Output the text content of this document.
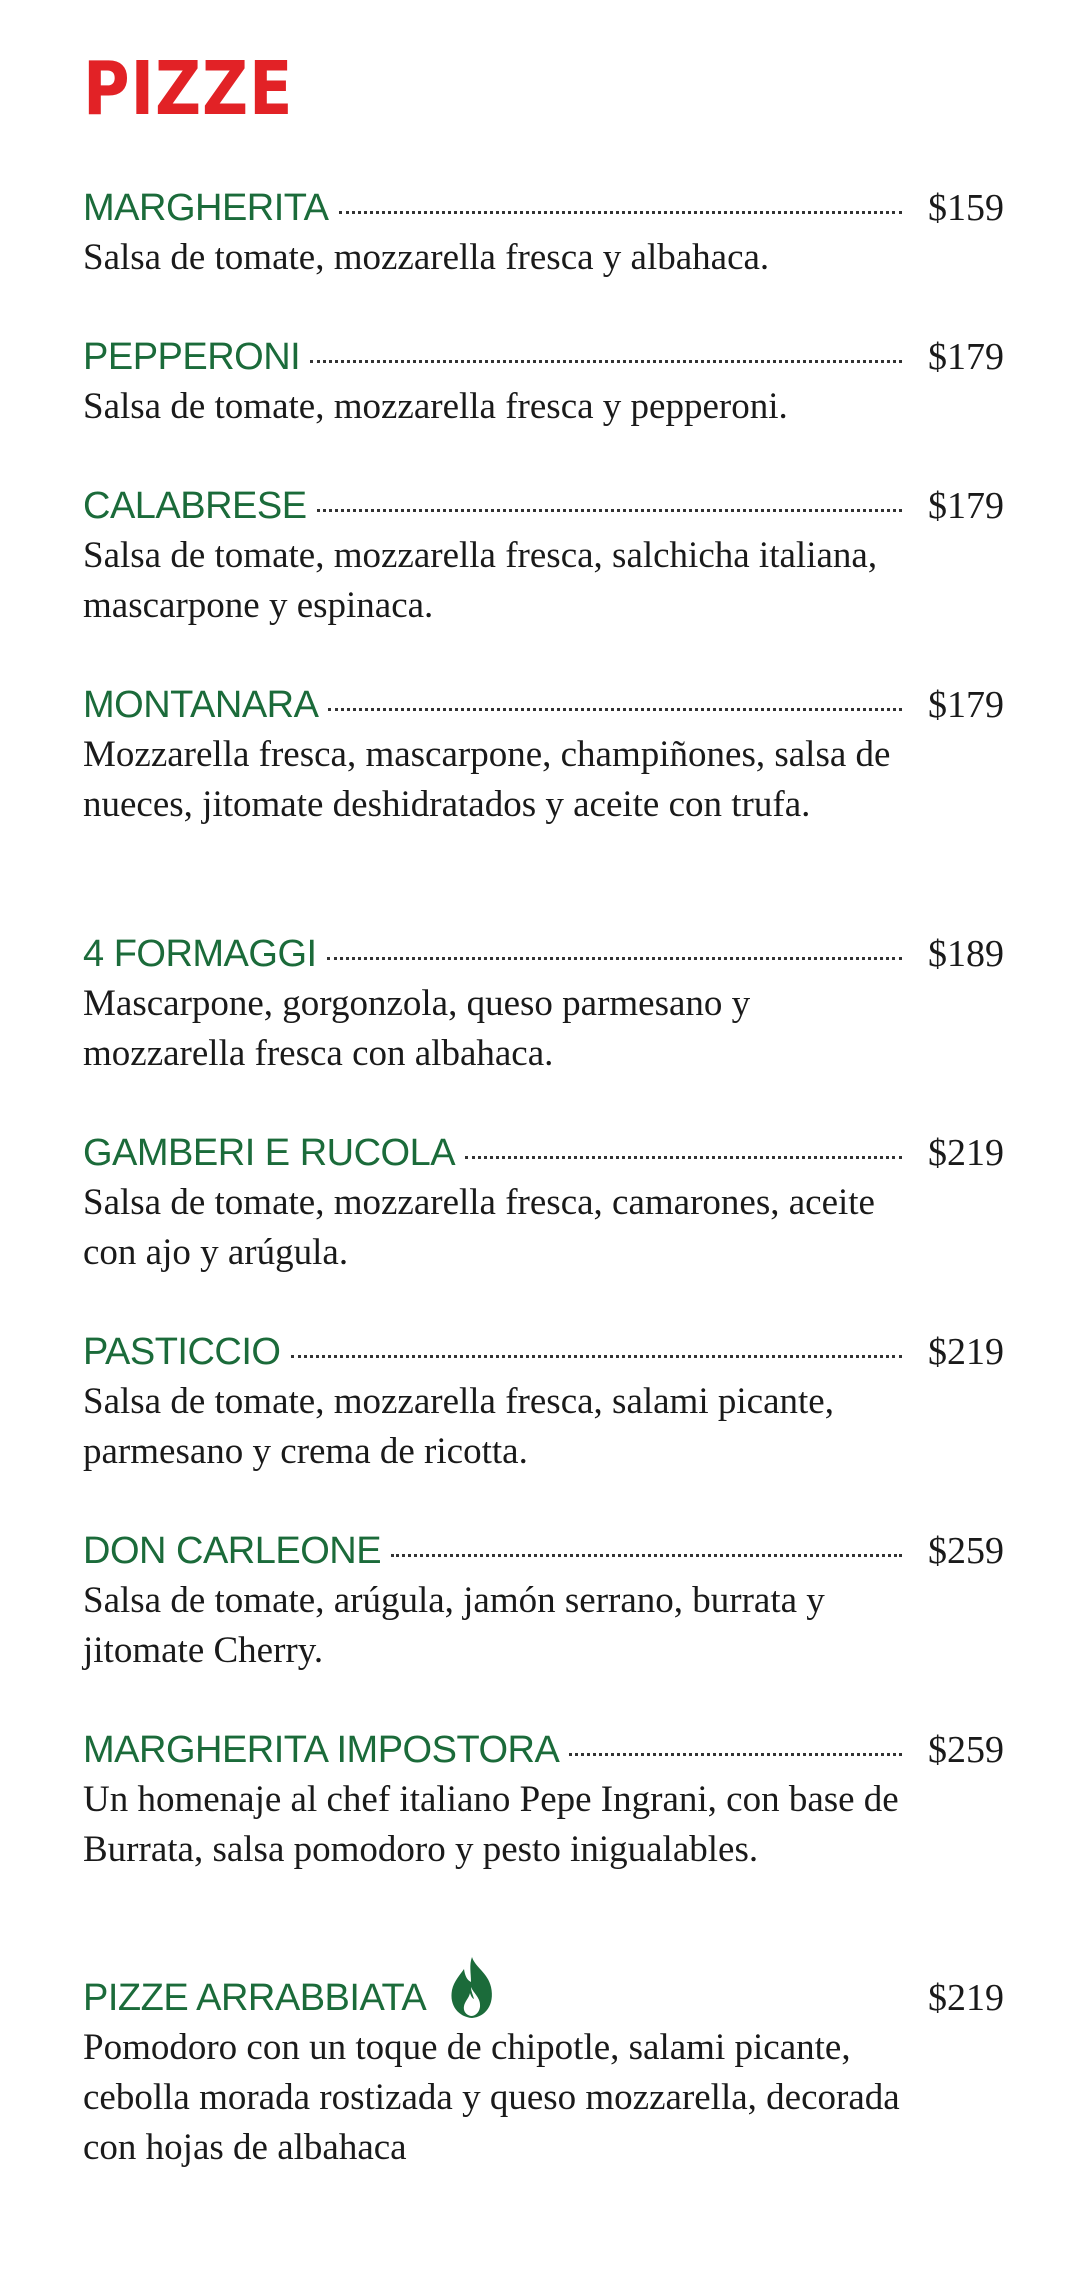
PIZZE
MARGHERITA	$159

Salsa de tomate, mozzarella fresca y albahaca.

PEPPERONI	$179

Salsa de tomate, mozzarella fresca y pepperoni.

CALABRESE	$179

Salsa de tomate, mozzarella fresca, salchicha italiana, mascarpone y espinaca.

MONTANARA	$179

Mozzarella fresca, mascarpone, champiñones, salsa de nueces, jitomate deshidratados y aceite con trufa.

4 FORMAGGI	$189

Mascarpone, gorgonzola, queso parmesano y mozzarella fresca con albahaca.

GAMBERI E RUCOLA	$219

Salsa de tomate, mozzarella fresca, camarones, aceite con ajo y arúgula.

PASTICCIO	$219

Salsa de tomate, mozzarella fresca, salami picante, parmesano y crema de ricotta.

DON CARLEONE	$259

Salsa de tomate, arúgula, jamón serrano, burrata y jitomate Cherry.

MARGHERITA IMPOSTORA	$259

Un homenaje al chef italiano Pepe Ingrani, con base de Burrata, salsa pomodoro y pesto inigualables.

PIZZE ARRABBIATA	$219

Pomodoro con un toque de chipotle, salami picante, cebolla morada rostizada y queso mozzarella, decorada con hojas de albahaca
